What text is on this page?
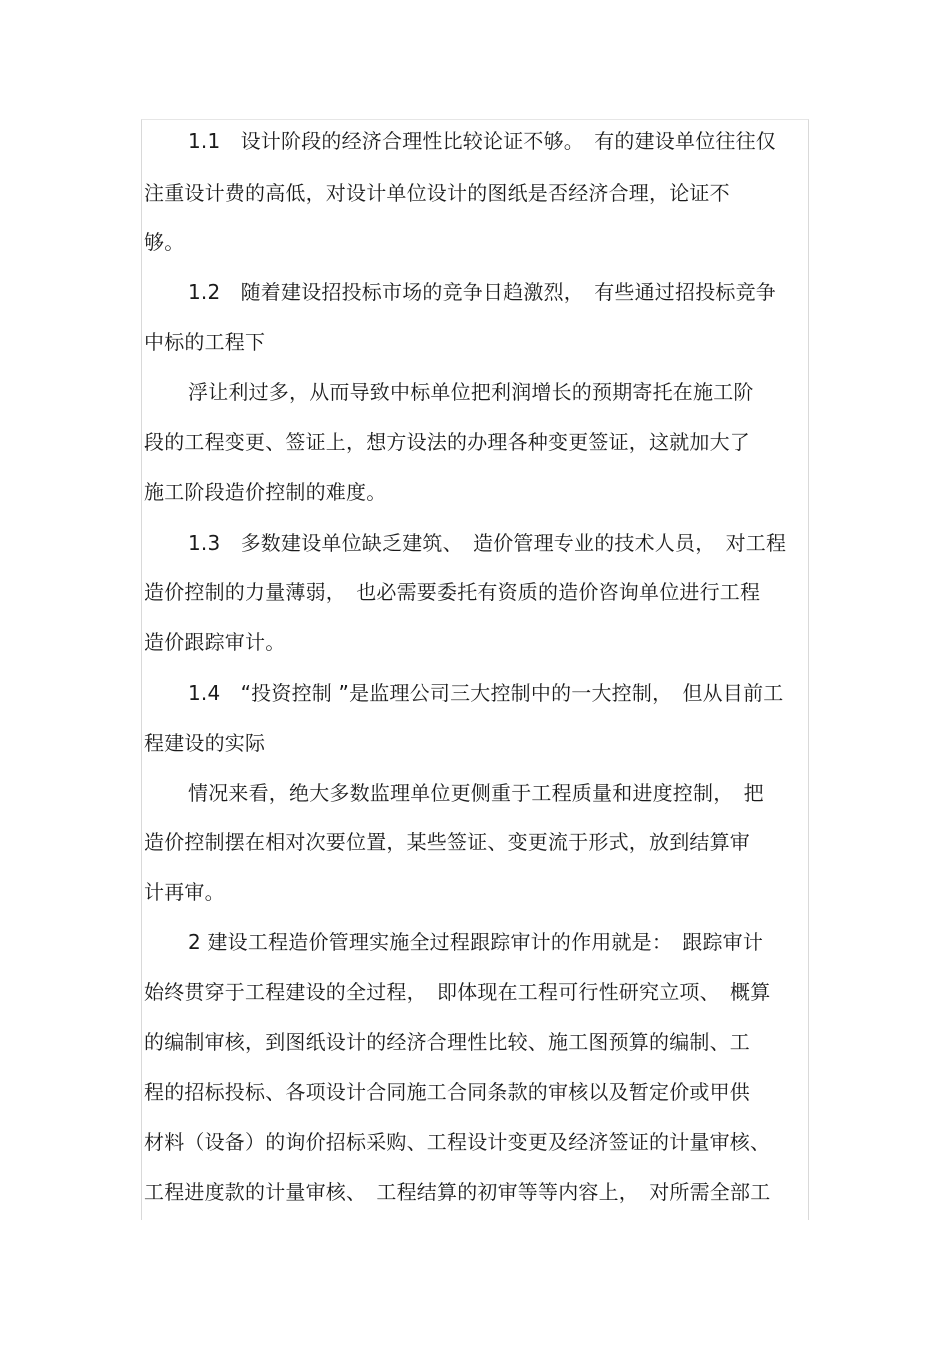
1.1　设计阶段的经济合理性比较论证不够。　有的建设单位往往仅
注重设计费的高低，对设计单位设计的图纸是否经济合理，论证不
够。
1.2　随着建设招投标市场的竞争日趋激烈，　有些通过招投标竞争
中标的工程下
浮让利过多，从而导致中标单位把利润增长的预期寄托在施工阶
段的工程变更、签证上，想方设法的办理各种变更签证，这就加大了
施工阶段造价控制的难度。
1.3　多数建设单位缺乏建筑、　造价管理专业的技术人员，　对工程
造价控制的力量薄弱，　也必需要委托有资质的造价咨询单位进行工程
造价跟踪审计。
1.4　“投资控制 ”是监理公司三大控制中的一大控制，　但从目前工
程建设的实际
情况来看，绝大多数监理单位更侧重于工程质量和进度控制，　把
造价控制摆在相对次要位置，某些签证、变更流于形式，放到结算审
计再审。
2 建设工程造价管理实施全过程跟踪审计的作用就是：　跟踪审计
始终贯穿于工程建设的全过程，　即体现在工程可行性研究立项、　概算
的编制审核，到图纸设计的经济合理性比较、施工图预算的编制、工
程的招标投标、各项设计合同施工合同条款的审核以及暂定价或甲供
材料（设备）的询价招标采购、工程设计变更及经济签证的计量审核、
工程进度款的计量审核、　工程结算的初审等等内容上，　对所需全部工
